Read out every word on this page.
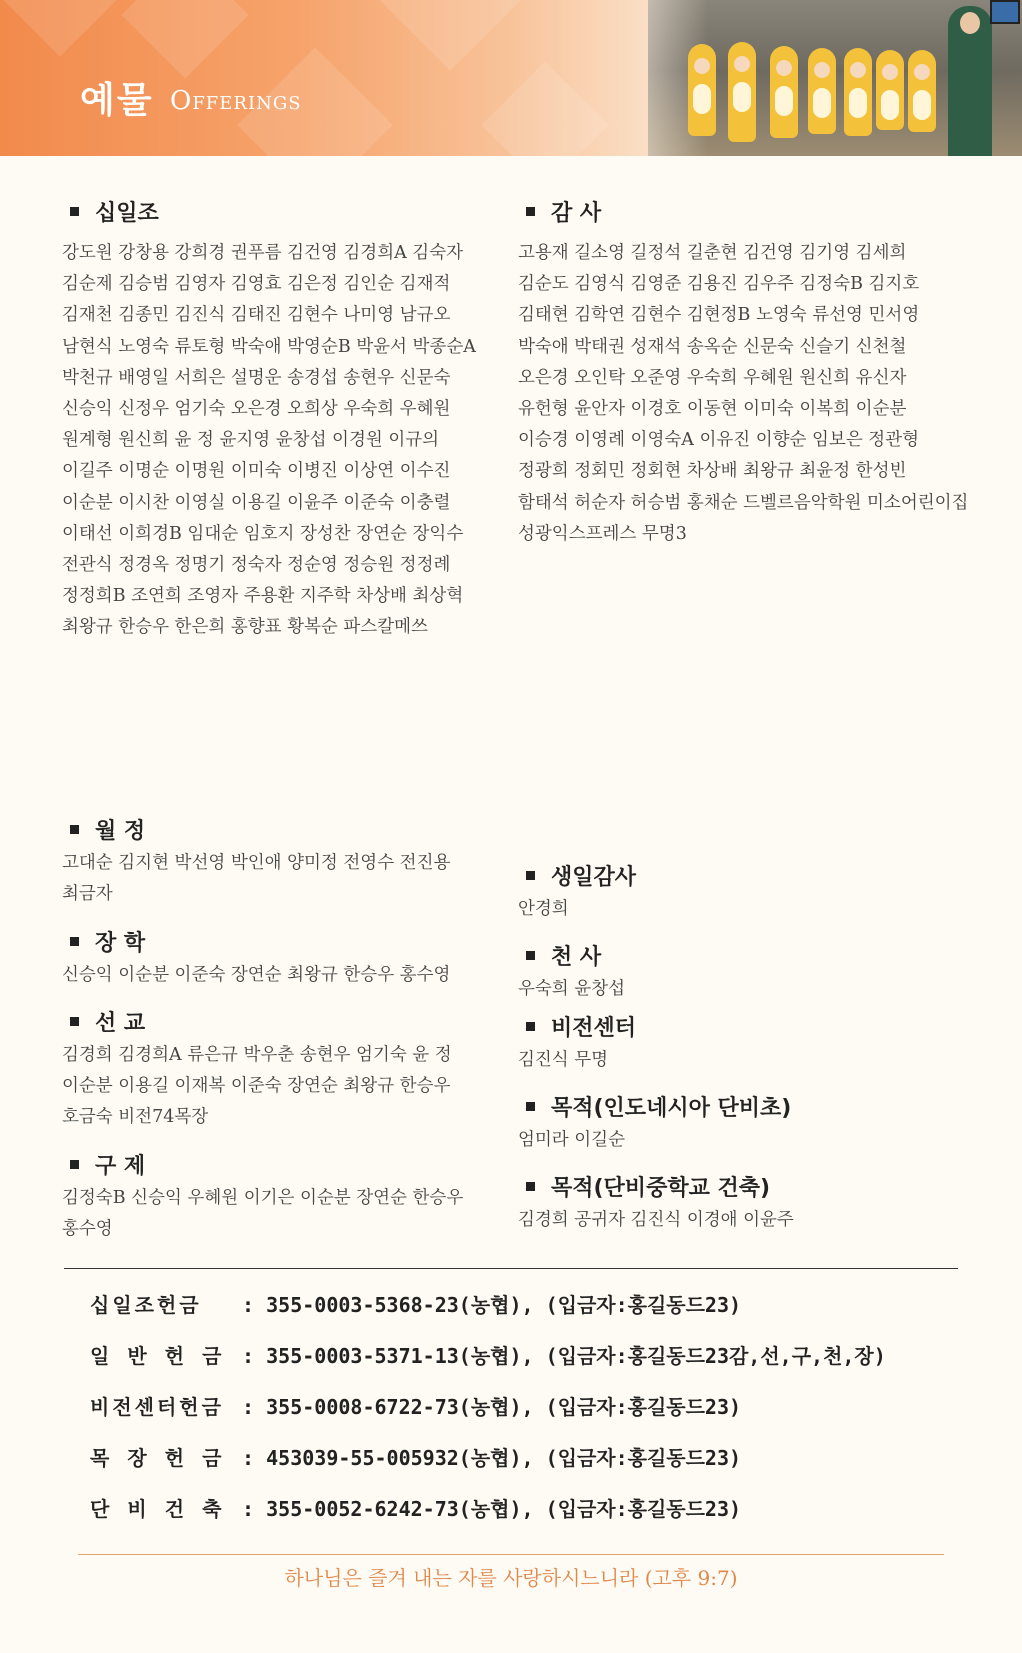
예물 Offerings
십일조
강도원 강창용 강희경 권푸름 김건영 김경희A 김숙자
김순제 김승범 김영자 김영효 김은정 김인순 김재적
김재천 김종민 김진식 김태진 김현수 나미영 남규오
남현식 노영숙 류토형 박숙애 박영순B 박윤서 박종순A
박천규 배영일 서희은 설명운 송경섭 송현우 신문숙
신승익 신정우 엄기숙 오은경 오희상 우숙희 우혜원
원계형 원신희 윤 정 윤지영 윤창섭 이경원 이규의
이길주 이명순 이명원 이미숙 이병진 이상연 이수진
이순분 이시찬 이영실 이용길 이윤주 이준숙 이충렬
이태선 이희경B 임대순 임호지 장성찬 장연순 장익수
전관식 정경옥 정명기 정숙자 정순영 정승원 정정례
정정희B 조연희 조영자 주용환 지주학 차상배 최상혁
최왕규 한승우 한은희 홍향표 황복순 파스칼메쓰
월 정
고대순 김지현 박선영 박인애 양미정 전영수 전진용
최금자
장 학
신승익 이순분 이준숙 장연순 최왕규 한승우 홍수영
선 교
김경희 김경희A 류은규 박우춘 송현우 엄기숙 윤 정
이순분 이용길 이재복 이준숙 장연순 최왕규 한승우
호금숙 비전74목장
구 제
김정숙B 신승익 우혜원 이기은 이순분 장연순 한승우
홍수영
감 사
고용재 길소영 길정석 길춘현 김건영 김기영 김세희
김순도 김영식 김영준 김용진 김우주 김정숙B 김지호
김태현 김학연 김현수 김현정B 노영숙 류선영 민서영
박숙애 박태권 성재석 송옥순 신문숙 신슬기 신천철
오은경 오인탁 오준영 우숙희 우혜원 원신희 유신자
유헌형 윤안자 이경호 이동현 이미숙 이복희 이순분
이승경 이영례 이영숙A 이유진 이향순 임보은 정관형
정광희 정회민 정회현 차상배 최왕규 최윤정 한성빈
함태석 허순자 허승범 홍채순 드벨르음악학원 미소어린이집
성광익스프레스 무명3
생일감사
안경희
천 사
우숙희 윤창섭
비전센터
김진식 무명
목적(인도네시아 단비초)
엄미라 이길순
목적(단비중학교 건축)
김경희 공귀자 김진식 이경애 이윤주
십일조헌금 : 355-0003-5368-23(농협), (입금자:홍길동드23)
일 반 헌 금 : 355-0003-5371-13(농협), (입금자:홍길동드23감,선,구,천,장)
비전센터헌금 : 355-0008-6722-73(농협), (입금자:홍길동드23)
목 장 헌 금 : 453039-55-005932(농협), (입금자:홍길동드23)
단 비 건 축 : 355-0052-6242-73(농협), (입금자:홍길동드23)
하나님은 즐겨 내는 자를 사랑하시느니라 (고후 9:7)
